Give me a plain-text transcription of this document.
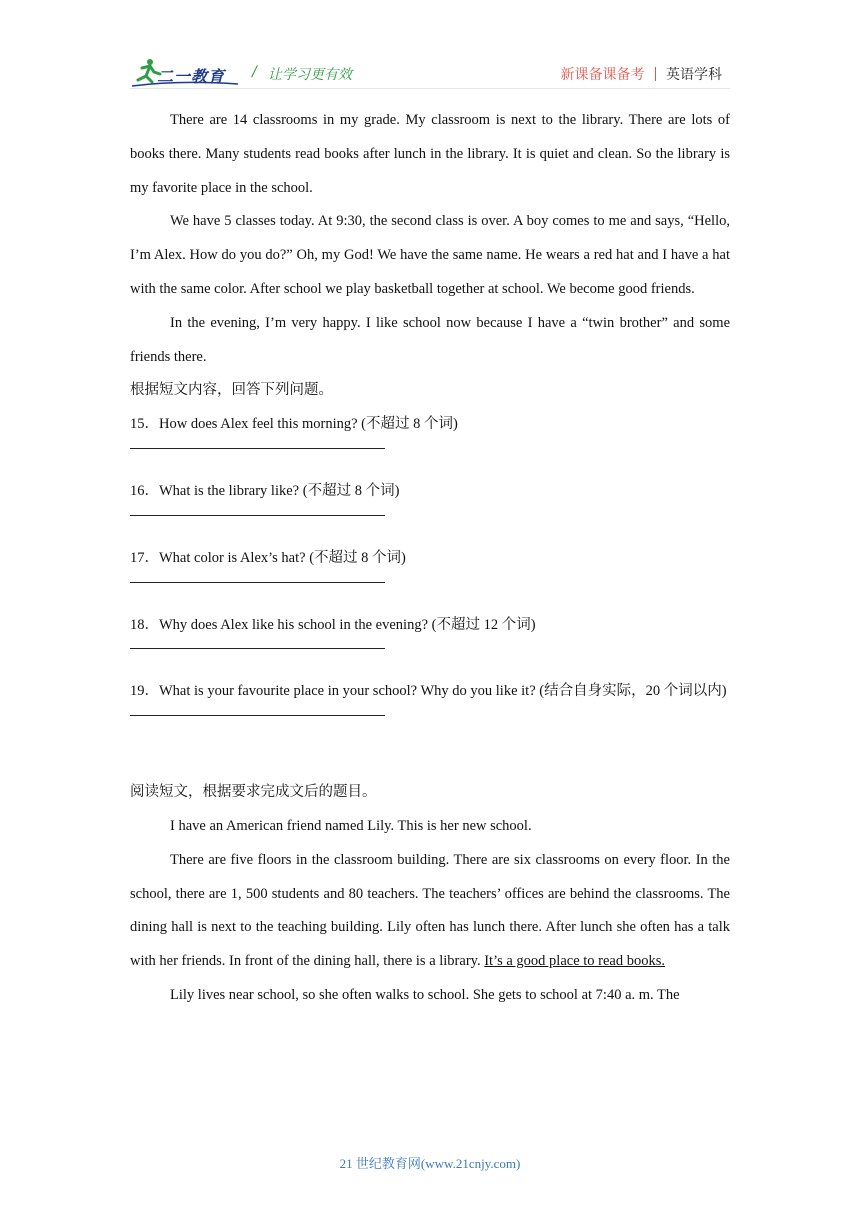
二一教育 / 让学习更有效	新课备课备考 英语学科

There are 14 classrooms in my grade. My classroom is next to the library. There are lots of books there. Many students read books after lunch in the library. It is quiet and clean. So the library is my favorite place in the school.

We have 5 classes today. At 9:30, the second class is over. A boy comes to me and says, “Hello, I’m Alex. How do you do?” Oh, my God! We have the same name. He wears a red hat and I have a hat with the same color. After school we play basketball together at school. We become good friends.

In the evening, I’m very happy. I like school now because I have a “twin brother” and some friends there.

根据短文内容，回答下列问题。

15．How does Alex feel this morning? (不超过 8 个词)

16．What is the library like? (不超过 8 个词)

17．What color is Alex’s hat? (不超过 8 个词)

18．Why does Alex like his school in the evening? (不超过 12 个词)

19．What is your favourite place in your school? Why do you like it? (结合自身实际，20 个词以内)

阅读短文，根据要求完成文后的题目。

I have an American friend named Lily. This is her new school.

There are five floors in the classroom building. There are six classrooms on every floor. In the school, there are 1, 500 students and 80 teachers. The teachers’ offices are behind the classrooms. The dining hall is next to the teaching building. Lily often has lunch there. After lunch she often has a talk with her friends. In front of the dining hall, there is a library. It’s a good place to read books.

Lily lives near school, so she often walks to school. She gets to school at 7:40 a. m. The

21 世纪教育网(www.21cnjy.com)
